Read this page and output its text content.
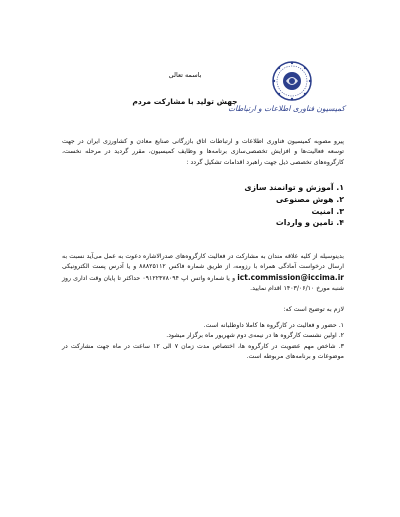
کمیسیون فناوری اطلاعات و ارتباطات
باسمه تعالی
جهش تولید با مشارکت مردم
پیرو مصوبه کمیسیون فناوری اطلاعات و ارتباطات اتاق بازرگانی صنایع معادن و کشاورزی ایران در جهت توسعه فعالیت‌ها و افزایش تخصصی‌سازی برنامه‌ها و وظایف کمیسیون، مقرر گردید در مرحله نخست، کارگروه‌های تخصصی ذیل جهت راهبرد اقدامات تشکیل گردد :
۱. آموزش و توانمند سازی
۲. هوش مصنوعی
۳. امنیت
۴. تامین و واردات
بدینوسیله از کلیه علاقه مندان به مشارکت در فعالیت کارگروه‌های صدرالاشاره دعوت به عمل می‌آید نسبت به ارسال درخواست آمادگی همراه با رزومه، از طریق شماره فاکس ۸۸۸۲۵۱۱۲ و یا آدرس پست الکترونیکی ict.commission@iccima.ir و یا شماره واتس اپ ۰۹۱۲۲۴۷۸۰۹۴ حداکثر تا پایان وقت اداری روز شنبه مورخ ۱۴۰۳/۰۶/۱۰ اقدام نمایید.
لازم به توضیح است که:
۱. حضور و فعالیت در کارگروه ها کاملا داوطلبانه است.
۲. اولین نشست کارگروه ها در نیمه‌ی دوم شهریور ماه برگزار میشود.
۳. شاخص مهم عضویت در کارگروه ها، اختصاص مدت زمان ۷ الی ۱۲ ساعت در ماه جهت مشارکت در موضوعات و برنامه‌های مربوطه است.
